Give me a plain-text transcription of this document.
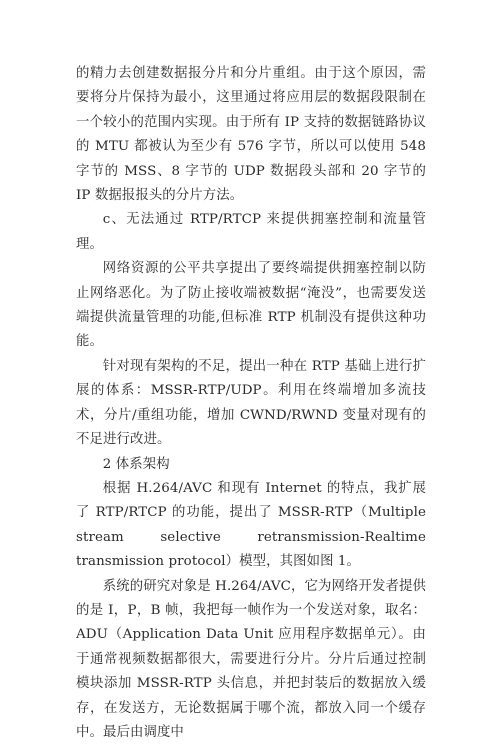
的精力去创建数据报分片和分片重组。由于这个原因，需要将分片保持为最小，这里通过将应用层的数据段限制在一个较小的范围内实现。由于所有 IP 支持的数据链路协议的 MTU 都被认为至少有 576 字节，所以可以使用 548 字节的 MSS、8 字节的 UDP 数据段头部和 20 字节的 IP 数据报报头的分片方法。

c、无法通过 RTP/RTCP 来提供拥塞控制和流量管理。

网络资源的公平共享提出了要终端提供拥塞控制以防止网络恶化。为了防止接收端被数据“淹没”，也需要发送端提供流量管理的功能,但标准 RTP 机制没有提供这种功能。

针对现有架构的不足，提出一种在 RTP 基础上进行扩展的体系：MSSR-RTP/UDP。利用在终端增加多流技术，分片/重组功能，增加 CWND/RWND 变量对现有的不足进行改进。

2 体系架构

根据 H.264/AVC 和现有 Internet 的特点，我扩展了 RTP/RTCP 的功能，提出了 MSSR-RTP（Multiple stream selective retransmission-Realtime transmission protocol）模型，其图如图 1。

系统的研究对象是 H.264/AVC，它为网络开发者提供的是 I，P，B 帧，我把每一帧作为一个发送对象，取名：ADU（Application Data Unit 应用程序数据单元）。由于通常视频数据都很大，需要进行分片。分片后通过控制模块添加 MSSR-RTP 头信息，并把封装后的数据放入缓存，在发送方，无论数据属于哪个流，都放入同一个缓存中。最后由调度中
